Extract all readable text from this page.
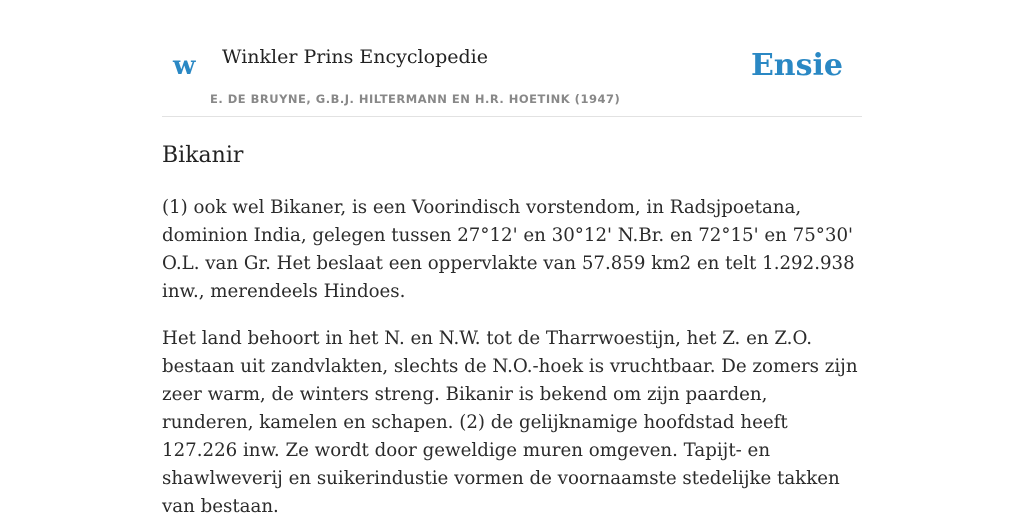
w Winkler Prins Encyclopedie
E. DE BRUYNE, G.B.J. HILTERMANN EN H.R. HOETINK (1947)
Ensie
Bikanir

(1) ook wel Bikaner, is een Voorindisch vorstendom, in Radsjpoetana, dominion India, gelegen tussen 27°12' en 30°12' N.Br. en 72°15' en 75°30' O.L. van Gr. Het beslaat een oppervlakte van 57.859 km2 en telt 1.292.938 inw., merendeels Hindoes.

Het land behoort in het N. en N.W. tot de Tharrwoestijn, het Z. en Z.O. bestaan uit zandvlakten, slechts de N.O.-hoek is vruchtbaar. De zomers zijn zeer warm, de winters streng. Bikanir is bekend om zijn paarden, runderen, kamelen en schapen. (2) de gelijknamige hoofdstad heeft 127.226 inw. Ze wordt door geweldige muren omgeven. Tapijt- en shawlweverij en suikerindustie vormen de voornaamste stedelijke takken van bestaan.
